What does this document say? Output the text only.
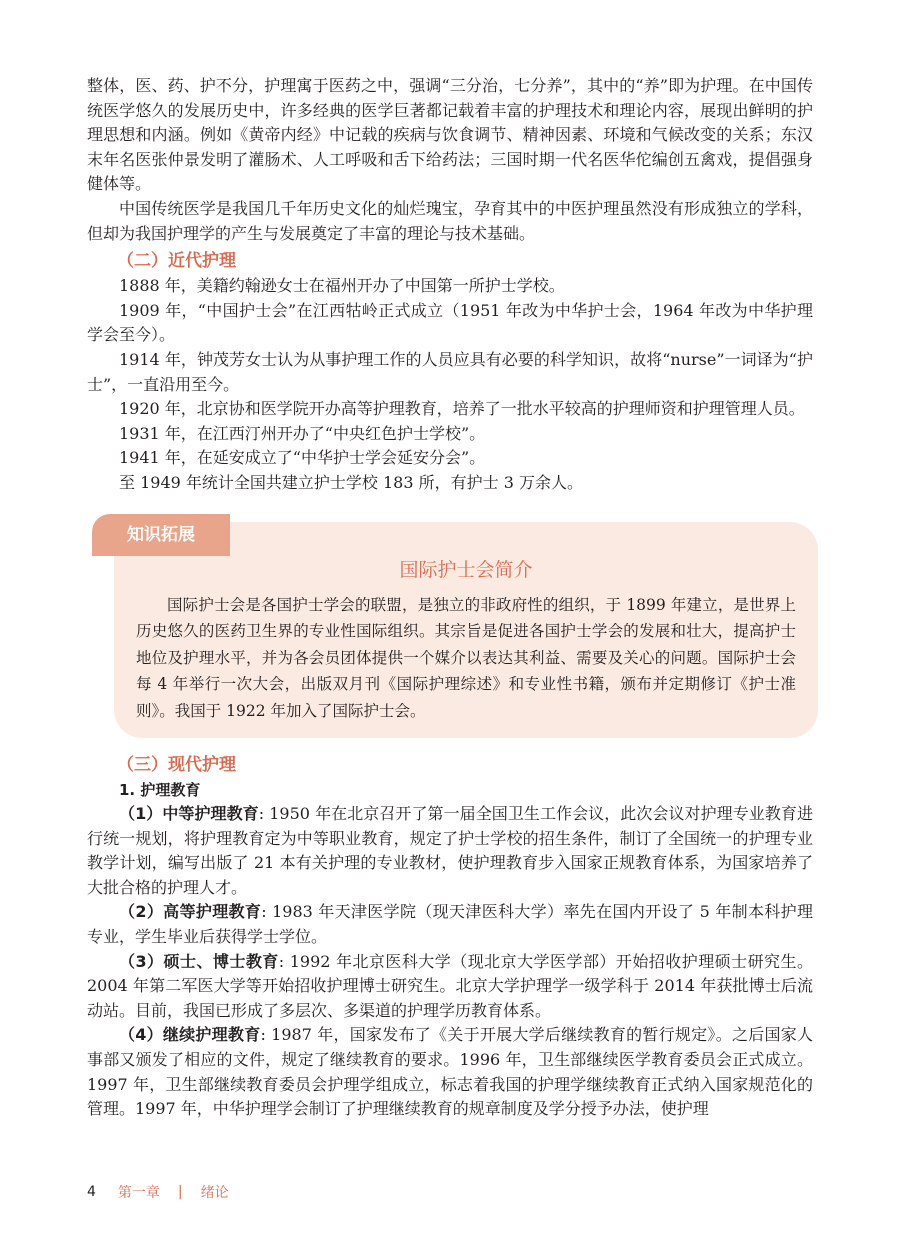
整体，医、药、护不分，护理寓于医药之中，强调“三分治，七分养”，其中的“养”即为护理。在中国传统医学悠久的发展历史中，许多经典的医学巨著都记载着丰富的护理技术和理论内容，展现出鲜明的护理思想和内涵。例如《黄帝内经》中记载的疾病与饮食调节、精神因素、环境和气候改变的关系；东汉末年名医张仲景发明了灌肠术、人工呼吸和舌下给药法；三国时期一代名医华佗编创五禽戏，提倡强身健体等。

中国传统医学是我国几千年历史文化的灿烂瑰宝，孕育其中的中医护理虽然没有形成独立的学科，但却为我国护理学的产生与发展奠定了丰富的理论与技术基础。

（二）近代护理

1888 年，美籍约翰逊女士在福州开办了中国第一所护士学校。

1909 年，“中国护士会”在江西牯岭正式成立（1951 年改为中华护士会，1964 年改为中华护理学会至今）。

1914 年，钟茂芳女士认为从事护理工作的人员应具有必要的科学知识，故将“nurse”一词译为“护士”，一直沿用至今。

1920 年，北京协和医学院开办高等护理教育，培养了一批水平较高的护理师资和护理管理人员。

1931 年，在江西汀州开办了“中央红色护士学校”。

1941 年，在延安成立了“中华护士学会延安分会”。

至 1949 年统计全国共建立护士学校 183 所，有护士 3 万余人。

知识拓展
国际护士会简介

国际护士会是各国护士学会的联盟，是独立的非政府性的组织，于 1899 年建立，是世界上历史悠久的医药卫生界的专业性国际组织。其宗旨是促进各国护士学会的发展和壮大，提高护士地位及护理水平，并为各会员团体提供一个媒介以表达其利益、需要及关心的问题。国际护士会每 4 年举行一次大会，出版双月刊《国际护理综述》和专业性书籍，颁布并定期修订《护士准则》。我国于 1922 年加入了国际护士会。

（三）现代护理
1. 护理教育

（1）中等护理教育: 1950 年在北京召开了第一届全国卫生工作会议，此次会议对护理专业教育进行统一规划，将护理教育定为中等职业教育，规定了护士学校的招生条件，制订了全国统一的护理专业教学计划，编写出版了 21 本有关护理的专业教材，使护理教育步入国家正规教育体系，为国家培养了大批合格的护理人才。

（2）高等护理教育: 1983 年天津医学院（现天津医科大学）率先在国内开设了 5 年制本科护理专业，学生毕业后获得学士学位。

（3）硕士、博士教育: 1992 年北京医科大学（现北京大学医学部）开始招收护理硕士研究生。2004 年第二军医大学等开始招收护理博士研究生。北京大学护理学一级学科于 2014 年获批博士后流动站。目前，我国已形成了多层次、多渠道的护理学历教育体系。

（4）继续护理教育: 1987 年，国家发布了《关于开展大学后继续教育的暂行规定》。之后国家人事部又颁发了相应的文件，规定了继续教育的要求。1996 年，卫生部继续医学教育委员会正式成立。1997 年，卫生部继续教育委员会护理学组成立，标志着我国的护理学继续教育正式纳入国家规范化的管理。1997 年，中华护理学会制订了护理继续教育的规章制度及学分授予办法，使护理

4 第一章 | 绪论
